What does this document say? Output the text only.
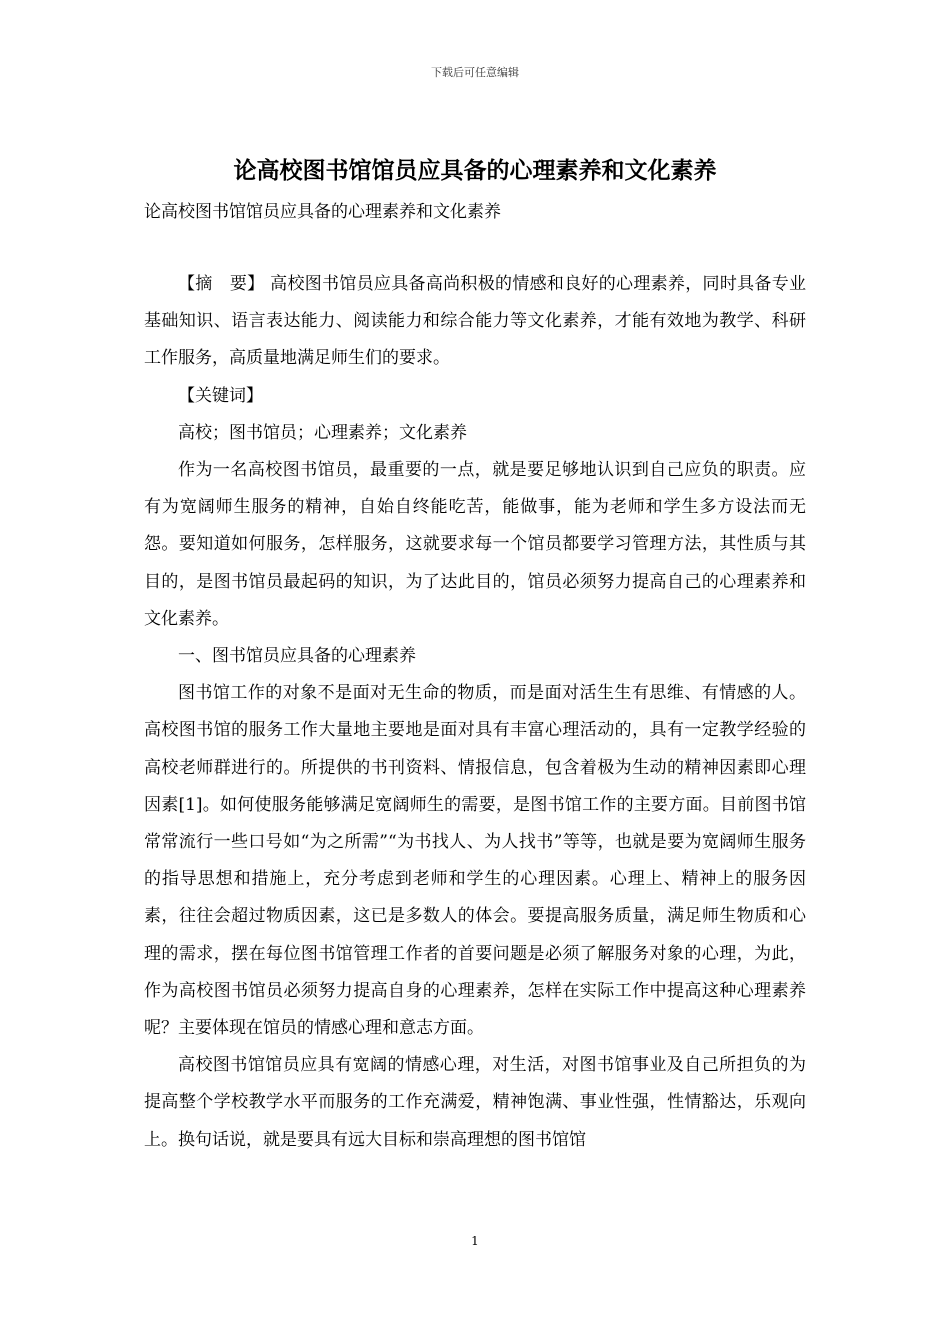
下载后可任意编辑
论高校图书馆馆员应具备的心理素养和文化素养
论高校图书馆馆员应具备的心理素养和文化素养

【摘　要】 高校图书馆员应具备高尚积极的情感和良好的心理素养，同时具备专业基础知识、语言表达能力、阅读能力和综合能力等文化素养，才能有效地为教学、科研工作服务，高质量地满足师生们的要求。

【关键词】

高校；图书馆员；心理素养；文化素养

作为一名高校图书馆员，最重要的一点，就是要足够地认识到自己应负的职责。应有为宽阔师生服务的精神，自始自终能吃苦，能做事，能为老师和学生多方设法而无怨。要知道如何服务，怎样服务，这就要求每一个馆员都要学习管理方法，其性质与其目的，是图书馆员最起码的知识，为了达此目的，馆员必须努力提高自己的心理素养和文化素养。

一、图书馆员应具备的心理素养

图书馆工作的对象不是面对无生命的物质，而是面对活生生有思维、有情感的人。高校图书馆的服务工作大量地主要地是面对具有丰富心理活动的，具有一定教学经验的高校老师群进行的。所提供的书刊资料、情报信息，包含着极为生动的精神因素即心理因素[1]。如何使服务能够满足宽阔师生的需要，是图书馆工作的主要方面。目前图书馆常常流行一些口号如“为之所需”“为书找人、为人找书”等等，也就是要为宽阔师生服务的指导思想和措施上，充分考虑到老师和学生的心理因素。心理上、精神上的服务因素，往往会超过物质因素，这已是多数人的体会。要提高服务质量，满足师生物质和心理的需求，摆在每位图书馆管理工作者的首要问题是必须了解服务对象的心理，为此，作为高校图书馆员必须努力提高自身的心理素养，怎样在实际工作中提高这种心理素养呢？主要体现在馆员的情感心理和意志方面。

高校图书馆馆员应具有宽阔的情感心理，对生活，对图书馆事业及自己所担负的为提高整个学校教学水平而服务的工作充满爱，精神饱满、事业性强，性情豁达，乐观向上。换句话说，就是要具有远大目标和崇高理想的图书馆馆

1
